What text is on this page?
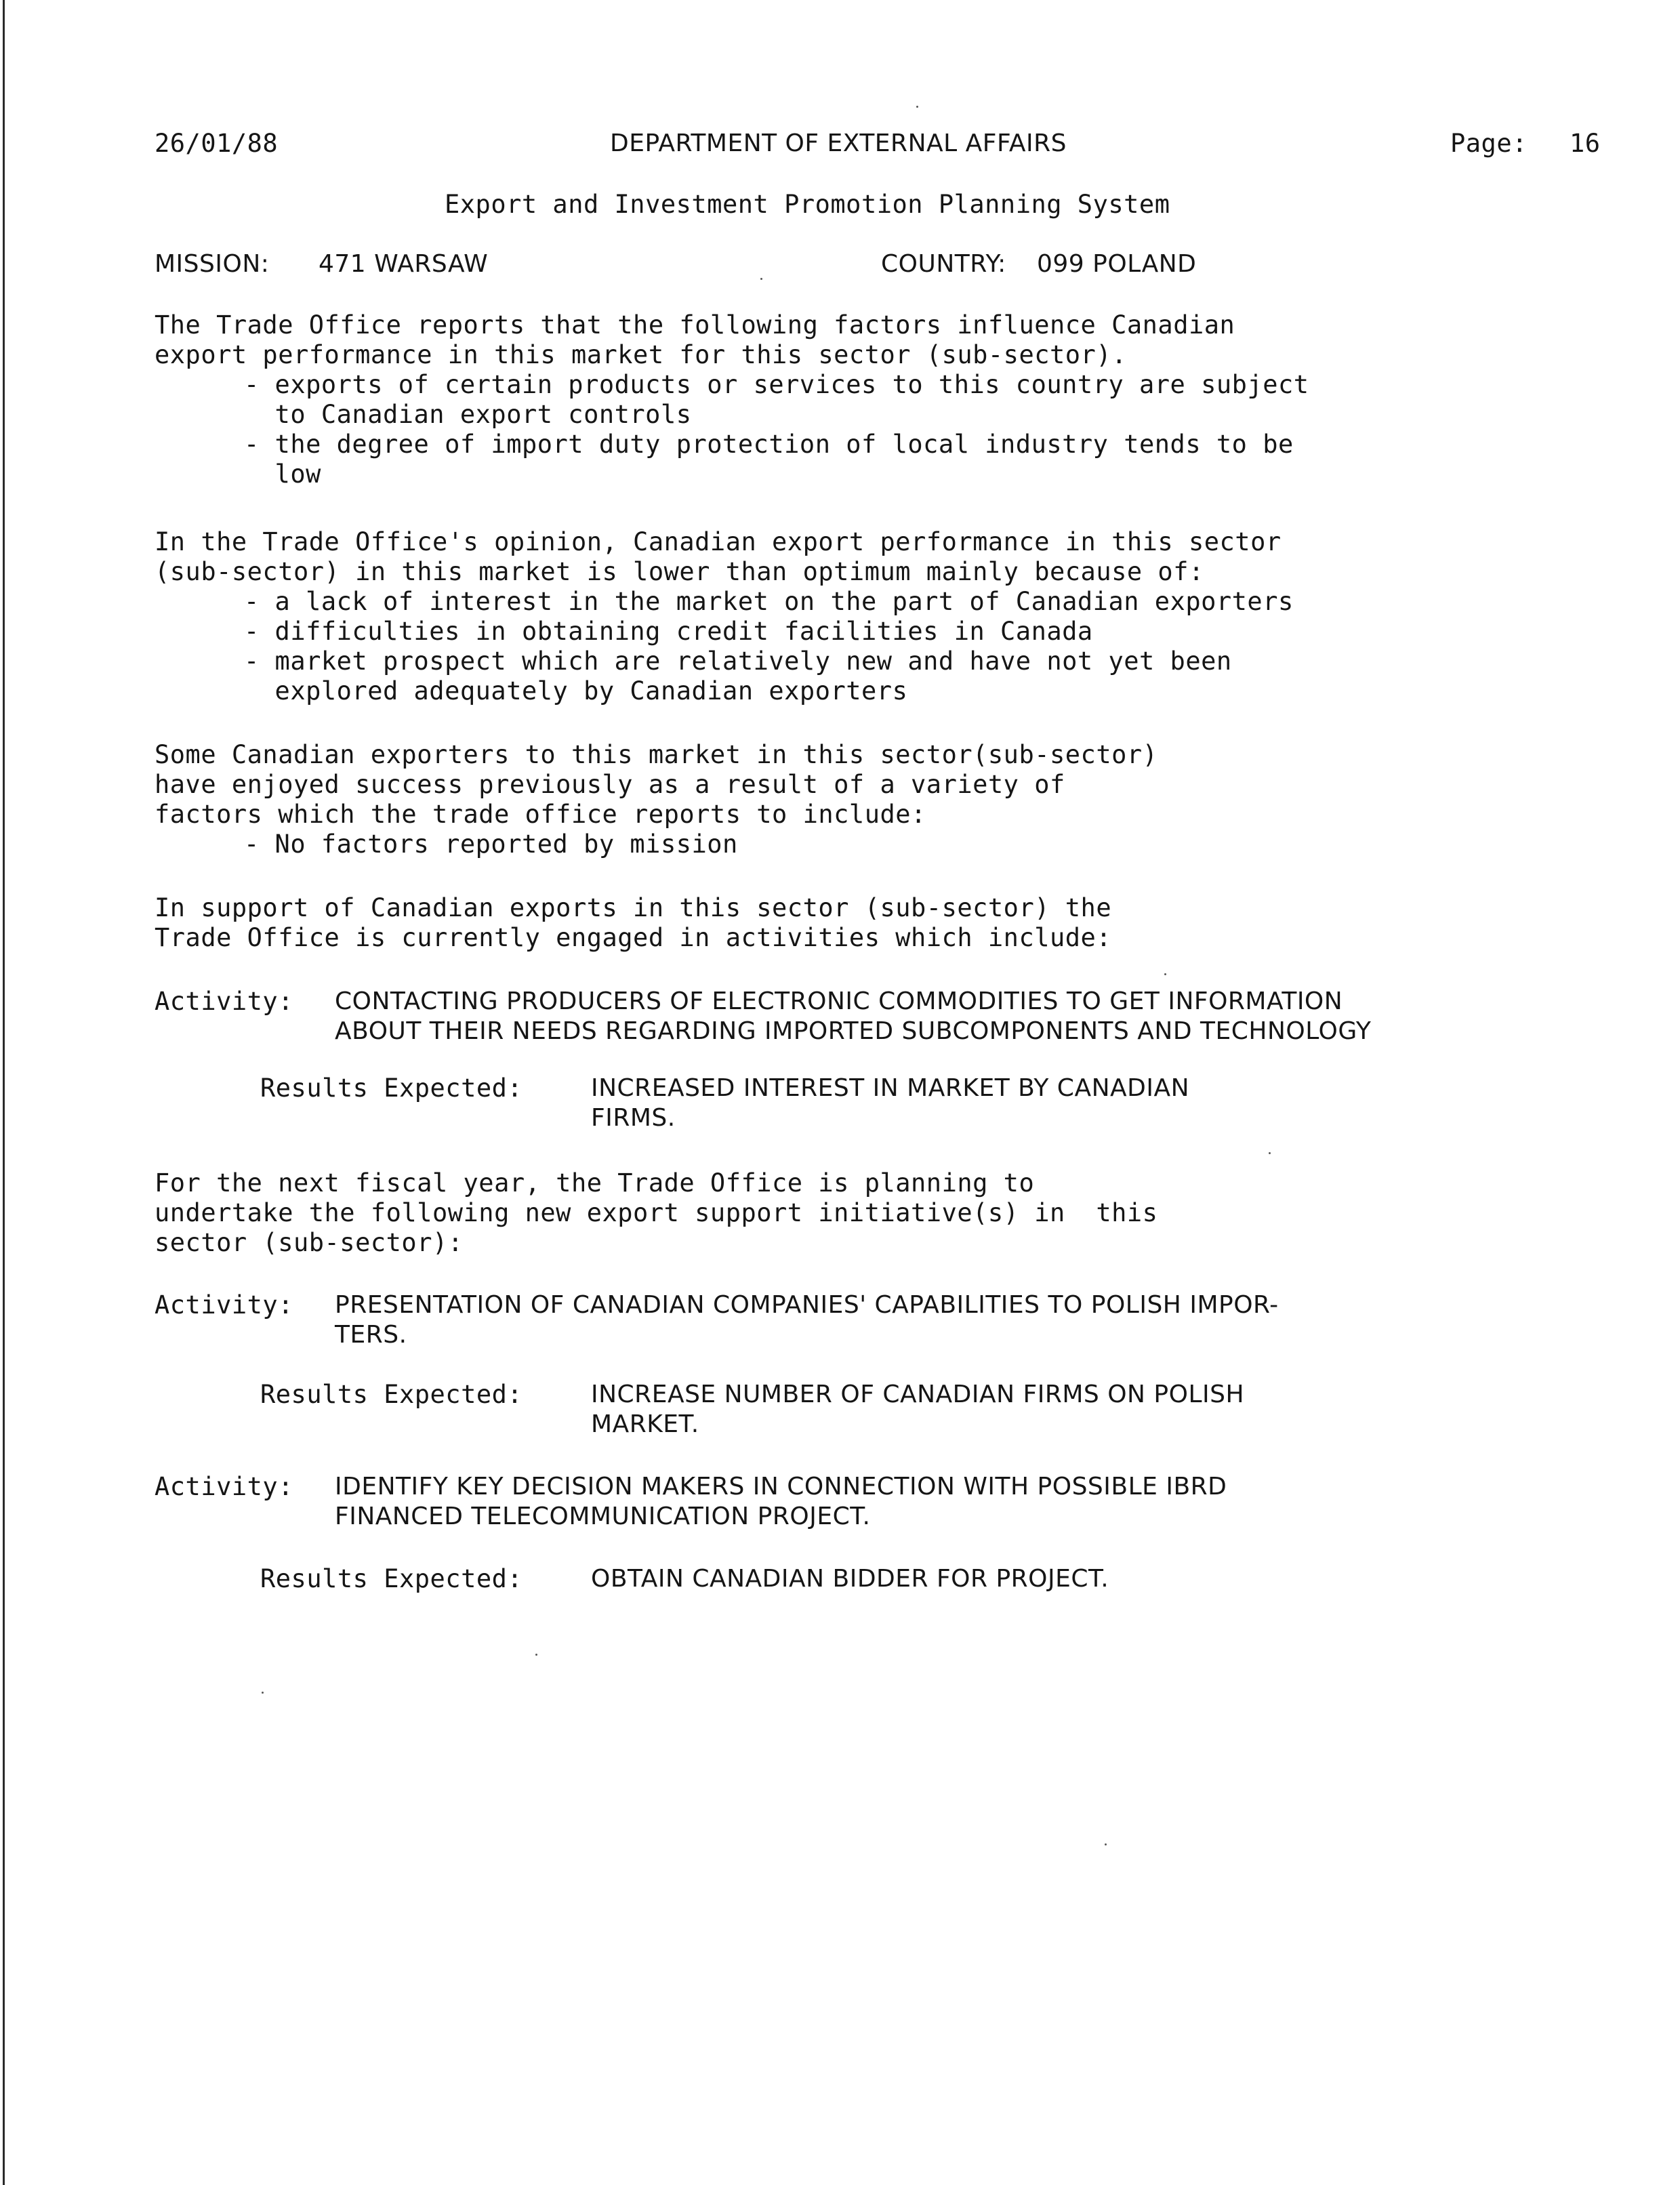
26/01/88	DEPARTMENT OF EXTERNAL AFFAIRS	Page: 16
Export and Investment Promotion Planning System
MISSION: 471 WARSAW	COUNTRY: 099 POLAND
The Trade Office reports that the following factors influence Canadian
export performance in this market for this sector (sub-sector).
- exports of certain products or services to this country are subject
to Canadian export controls
- the degree of import duty protection of local industry tends to be
low
In the Trade Office's opinion, Canadian export performance in this sector
(sub-sector) in this market is lower than optimum mainly because of:
- a lack of interest in the market on the part of Canadian exporters
- difficulties in obtaining credit facilities in Canada
- market prospect which are relatively new and have not yet been
explored adequately by Canadian exporters
Some Canadian exporters to this market in this sector(sub-sector)
have enjoyed success previously as a result of a variety of
factors which the trade office reports to include:
- No factors reported by mission
In support of Canadian exports in this sector (sub-sector) the
Trade Office is currently engaged in activities which include:
Activity: CONTACTING PRODUCERS OF ELECTRONIC COMMODITIES TO GET INFORMATION
ABOUT THEIR NEEDS REGARDING IMPORTED SUBCOMPONENTS AND TECHNOLOGY
Results Expected:	INCREASED INTEREST IN MARKET BY CANADIAN
FIRMS.
For the next fiscal year, the Trade Office is planning to
undertake the following new export support initiative(s) in  this
sector (sub-sector):
Activity: PRESENTATION OF CANADIAN COMPANIES' CAPABILITIES TO POLISH IMPOR-
TERS.
Results Expected:	INCREASE NUMBER OF CANADIAN FIRMS ON POLISH
MARKET.
Activity: IDENTIFY KEY DECISION MAKERS IN CONNECTION WITH POSSIBLE IBRD
FINANCED TELECOMMUNICATION PROJECT.
Results Expected:	OBTAIN CANADIAN BIDDER FOR PROJECT.
